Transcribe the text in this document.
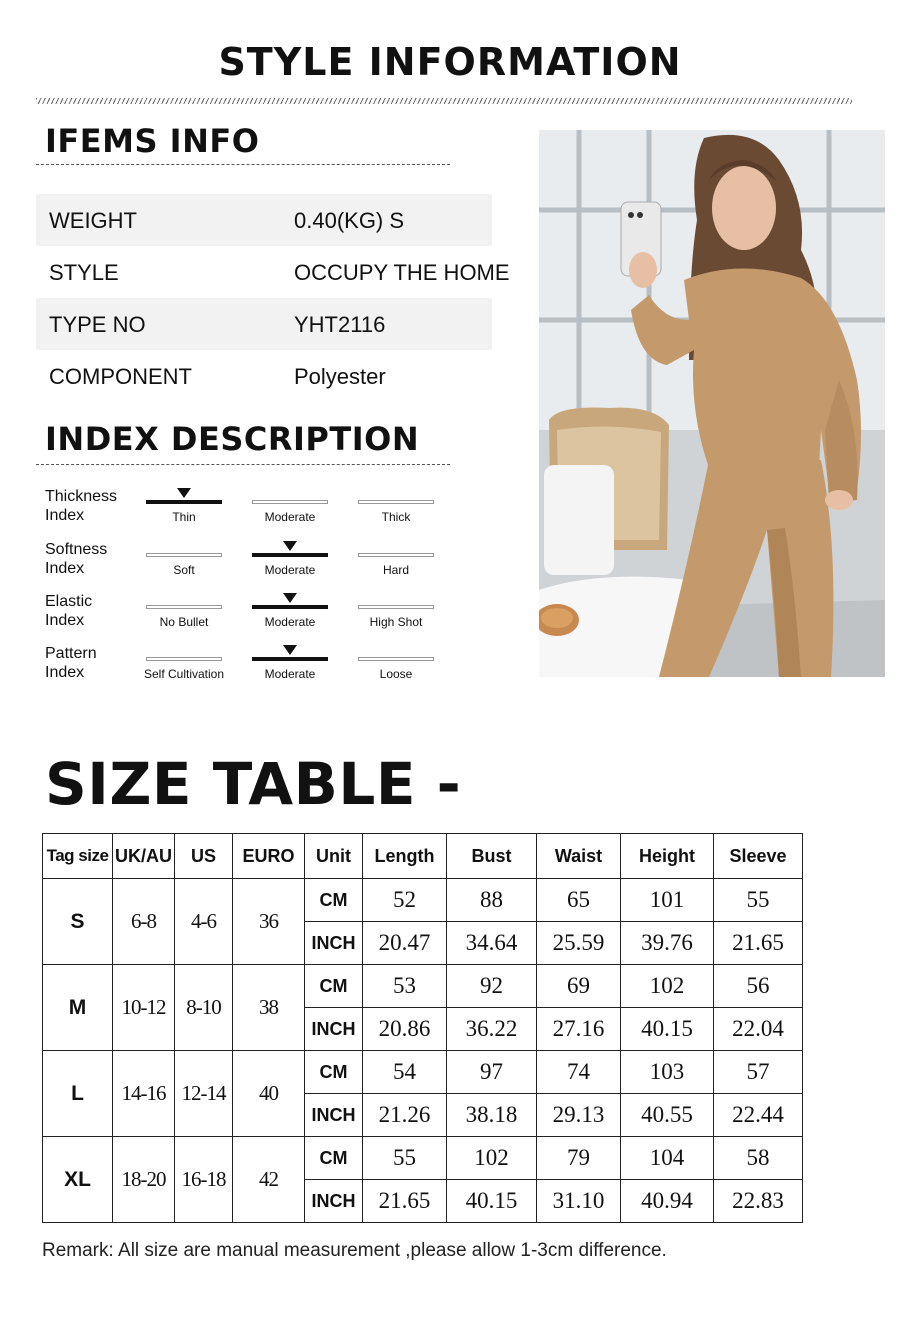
STYLE INFORMATION
IFEMS INFO
WEIGHT	0.40(KG) S
STYLE	OCCUPY THE HOME
TYPE NO	YHT2116
COMPONENT	Polyester
INDEX DESCRIPTION
Thickness Index	Thin	Moderate	Thick
Softness Index	Soft	Moderate	Hard
Elastic Index	No Bullet	Moderate	High Shot
Pattern Index	Self Cultivation	Moderate	Loose
SIZE TABLE -
Tag size	UK/AU	US	EURO	Unit	Length	Bust	Waist	Height	Sleeve
S	6-8	4-6	36	CM	52	88	65	101	55
				INCH	20.47	34.64	25.59	39.76	21.65
M	10-12	8-10	38	CM	53	92	69	102	56
				INCH	20.86	36.22	27.16	40.15	22.04
L	14-16	12-14	40	CM	54	97	74	103	57
				INCH	21.26	38.18	29.13	40.55	22.44
XL	18-20	16-18	42	CM	55	102	79	104	58
				INCH	21.65	40.15	31.10	40.94	22.83
Remark: All size are manual measurement ,please allow 1-3cm difference.
